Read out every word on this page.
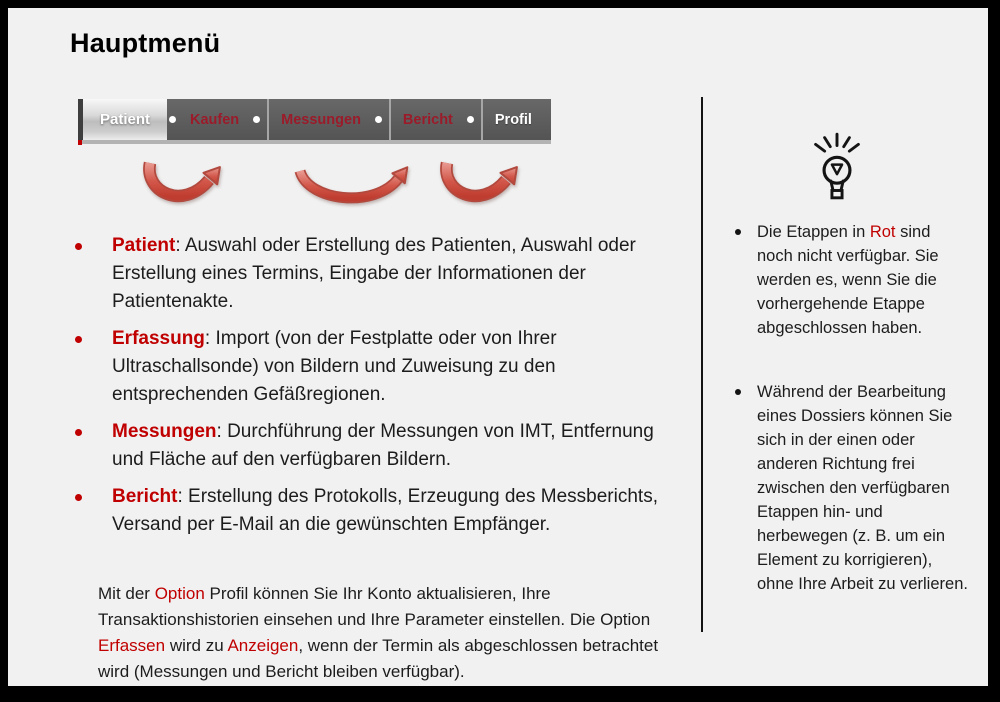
Hauptmenü
Patient	Kaufen	Messungen	Bericht	Profil
Patient: Auswahl oder Erstellung des Patienten, Auswahl oder Erstellung eines Termins, Eingabe der Informationen der Patientenakte.
Erfassung: Import (von der Festplatte oder von Ihrer Ultraschallsonde) von Bildern und Zuweisung zu den entsprechenden Gefäßregionen.
Messungen: Durchführung der Messungen von IMT, Entfernung und Fläche auf den verfügbaren Bildern.
Bericht: Erstellung des Protokolls, Erzeugung des Messberichts, Versand per E-Mail an die gewünschten Empfänger.

Mit der Option Profil können Sie Ihr Konto aktualisieren, Ihre Transaktionshistorien einsehen und Ihre Parameter einstellen. Die Option Erfassen wird zu Anzeigen, wenn der Termin als abgeschlossen betrachtet wird (Messungen und Bericht bleiben verfügbar).

Die Etappen in Rot sind noch nicht verfügbar. Sie werden es, wenn Sie die vorhergehende Etappe abgeschlossen haben.
Während der Bearbeitung eines Dossiers können Sie sich in der einen oder anderen Richtung frei zwischen den verfügbaren Etappen hin- und herbewegen (z. B. um ein Element zu korrigieren), ohne Ihre Arbeit zu verlieren.
